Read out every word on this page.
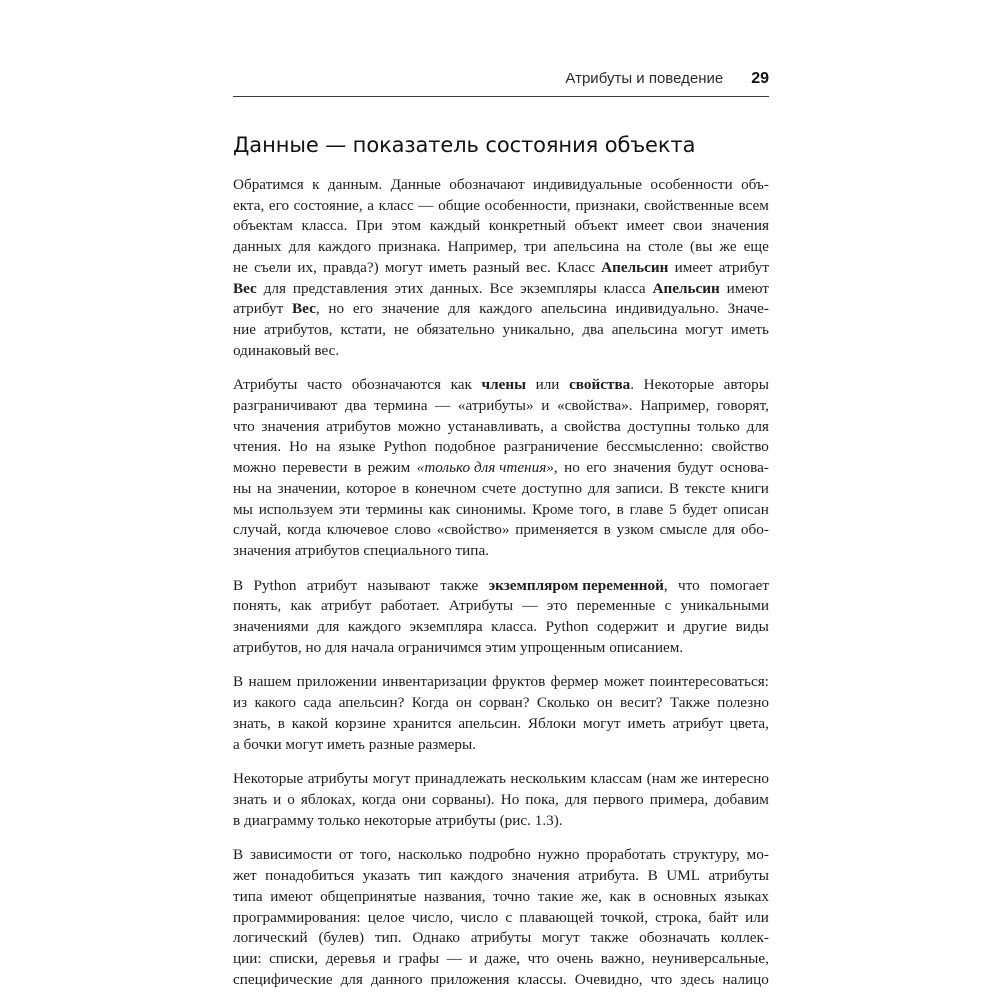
Атрибуты и поведение 29
Данные — показатель состояния объекта
Обратимся к данным. Данные обозначают индивидуальные особенности объ-
екта, его состояние, а класс — общие особенности, признаки, свойственные всем
объектам класса. При этом каждый конкретный объект имеет свои значения
данных для каждого признака. Например, три апельсина на столе (вы же еще
не съели их, правда?) могут иметь разный вес. Класс Апельсин имеет атрибут
Вес для представления этих данных. Все экземпляры класса Апельсин имеют
атрибут Вес, но его значение для каждого апельсина индивидуально. Значе-
ние атрибутов, кстати, не обязательно уникально, два апельсина могут иметь
одинаковый вес.
Атрибуты часто обозначаются как члены или свойства. Некоторые авторы
разграничивают два термина — «атрибуты» и «свойства». Например, говорят,
что значения атрибутов можно устанавливать, а свойства доступны только для
чтения. Но на языке Python подобное разграничение бессмысленно: свойство
можно перевести в режим «только для чтения», но его значения будут основа-
ны на значении, которое в конечном счете доступно для записи. В тексте книги
мы используем эти термины как синонимы. Кроме того, в главе 5 будет описан
случай, когда ключевое слово «свойство» применяется в узком смысле для обо-
значения атрибутов специального типа.
В Python атрибут называют также экземпляром переменной, что помогает
понять, как атрибут работает. Атрибуты — это переменные с уникальными
значениями для каждого экземпляра класса. Python содержит и другие виды
атрибутов, но для начала ограничимся этим упрощенным описанием.
В нашем приложении инвентаризации фруктов фермер может поинтересоваться:
из какого сада апельсин? Когда он сорван? Сколько он весит? Также полезно
знать, в какой корзине хранится апельсин. Яблоки могут иметь атрибут цвета,
а бочки могут иметь разные размеры.
Некоторые атрибуты могут принадлежать нескольким классам (нам же интересно
знать и о яблоках, когда они сорваны). Но пока, для первого примера, добавим
в диаграмму только некоторые атрибуты (рис. 1.3).
В зависимости от того, насколько подробно нужно проработать структуру, мо-
жет понадобиться указать тип каждого значения атрибута. В UML атрибуты
типа имеют общепринятые названия, точно такие же, как в основных языках
программирования: целое число, число с плавающей точкой, строка, байт или
логический (булев) тип. Однако атрибуты могут также обозначать коллек-
ции: списки, деревья и графы — и даже, что очень важно, неуниверсальные,
специфические для данного приложения классы. Очевидно, что здесь налицо
